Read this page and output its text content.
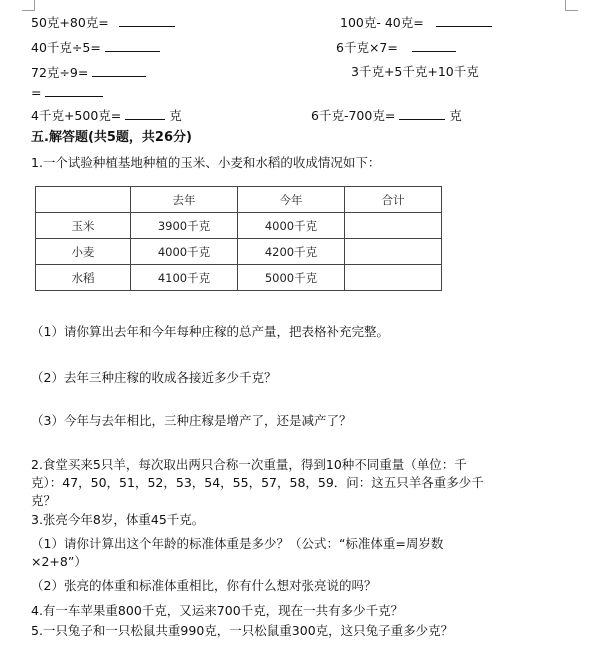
50克+80克=	100克- 40克=
40千克÷5=	6千克×7=
72克÷9=	3千克+5千克+10千克
=
4千克+500克=	克	6千克-700克=	克
五.解答题(共5题，共26分)
1.一个试验种植基地种植的玉米、小麦和水稻的收成情况如下：
	去年	今年	合计
玉米	3900千克	4000千克	
小麦	4000千克	4200千克	
水稻	4100千克	5000千克	
（1）请你算出去年和今年每种庄稼的总产量，把表格补充完整。
（2）去年三种庄稼的收成各接近多少千克？
（3）今年与去年相比，三种庄稼是增产了，还是减产了？
2.食堂买来5只羊，每次取出两只合称一次重量，得到10种不同重量（单位：千
克）：47，50，51，52，53，54，55，57，58，59．问：这五只羊各重多少千
克？
3.张亮今年8岁，体重45千克。
（1）请你计算出这个年龄的标准体重是多少？（公式：“标准体重=周岁数
×2+8”）
（2）张亮的体重和标准体重相比，你有什么想对张亮说的吗？
4.有一车苹果重800千克，又运来700千克，现在一共有多少千克？
5.一只兔子和一只松鼠共重990克，一只松鼠重300克，这只兔子重多少克？
